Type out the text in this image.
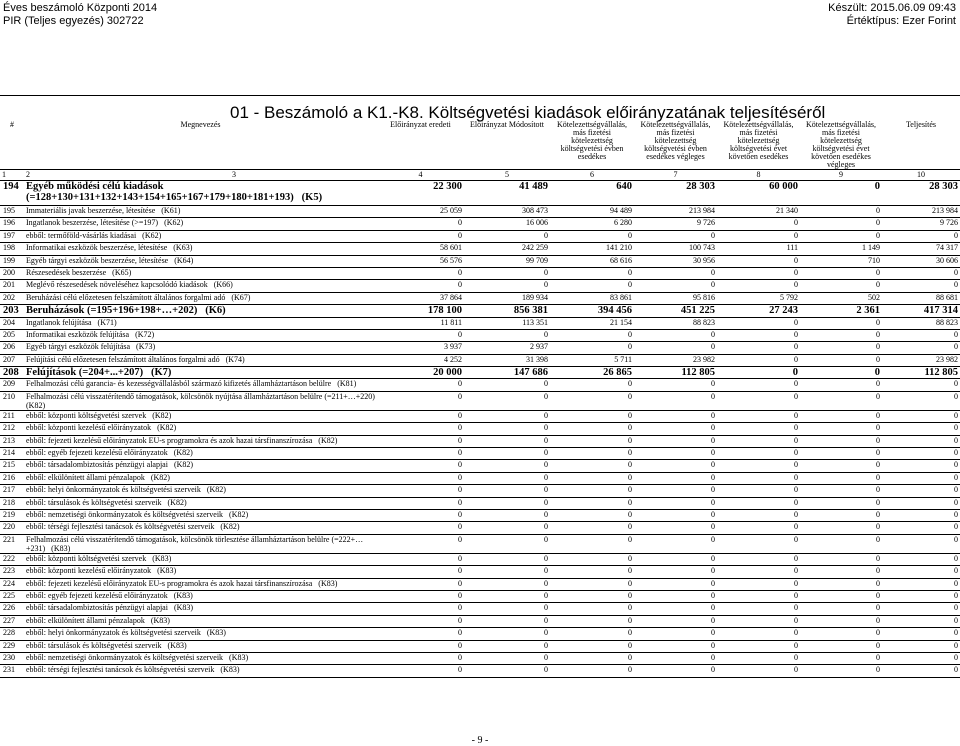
Éves beszámoló Központi 2014
PIR (Teljes egyezés) 302722
Készült: 2015.06.09 09:43
Értéktípus: Ezer Forint
01 - Beszámoló a K1.-K8. Költségvetési kiadások előirányzatának teljesítéséről
#	Megnevezés	Előirányzat eredeti	Előirányzat Módosított	Kötelezettségvállalás, más fizetési kötelezettség költségvetési évben esedékes	Kötelezettségvállalás, más fizetési kötelezettség költségvetési évben esedékes végleges	Kötelezettségvállalás, más fizetési kötelezettség költségvetési évet követően esedékes	Kötelezettségvállalás, más fizetési kötelezettség költségvetési évet követően esedékes végleges	Teljesítés
1	2 3	4	5	6	7	8	9	10
194	Egyéb működési célú kiadások (=128+130+131+132+143+154+165+167+179+180+181+193)   (K5)	22 300	41 489	640	28 303	60 000	0	28 303
195	Immateriális javak beszerzése, létesítése   (K61)	25 059	308 473	94 489	213 984	21 340	0	213 984
196	Ingatlanok beszerzése, létesítése (>=197)   (K62)	0	16 006	6 280	9 726	0	0	9 726
197	ebből: termőföld-vásárlás kiadásai   (K62)	0	0	0	0	0	0	0
198	Informatikai eszközök beszerzése, létesítése   (K63)	58 601	242 259	141 210	100 743	111	1 149	74 317
199	Egyéb tárgyi eszközök beszerzése, létesítése   (K64)	56 576	99 709	68 616	30 956	0	710	30 606
200	Részesedések beszerzése   (K65)	0	0	0	0	0	0	0
201	Meglévő részesedések növeléséhez kapcsolódó kiadások   (K66)	0	0	0	0	0	0	0
202	Beruházási célú előzetesen felszámított általános forgalmi adó   (K67)	37 864	189 934	83 861	95 816	5 792	502	88 681
203	Beruházások (=195+196+198+…+202)   (K6)	178 100	856 381	394 456	451 225	27 243	2 361	417 314
204	Ingatlanok felújítása   (K71)	11 811	113 351	21 154	88 823	0	0	88 823
205	Informatikai eszközök felújítása   (K72)	0	0	0	0	0	0	0
206	Egyéb tárgyi eszközök felújítása   (K73)	3 937	2 937	0	0	0	0	0
207	Felújítási célú előzetesen felszámított általános forgalmi adó   (K74)	4 252	31 398	5 711	23 982	0	0	23 982
208	Felújítások (=204+...+207)   (K7)	20 000	147 686	26 865	112 805	0	0	112 805
209	Felhalmozási célú garancia- és kezességvállalásból származó kifizetés államháztartáson belülre   (K81)	0	0	0	0	0	0	0
210	Felhalmozási célú visszatérítendő támogatások, kölcsönök nyújtása államháztartáson belülre (=211+…+220)   (K82)	0	0	0	0	0	0	0
211	ebből: központi költségvetési szervek   (K82)	0	0	0	0	0	0	0
212	ebből: központi kezelésű előirányzatok   (K82)	0	0	0	0	0	0	0
213	ebből: fejezeti kezelésű előirányzatok EU-s programokra és azok hazai társfinanszírozása   (K82)	0	0	0	0	0	0	0
214	ebből: egyéb fejezeti kezelésű előirányzatok   (K82)	0	0	0	0	0	0	0
215	ebből: társadalombiztosítás pénzügyi alapjai   (K82)	0	0	0	0	0	0	0
216	ebből: elkülönített állami pénzalapok   (K82)	0	0	0	0	0	0	0
217	ebből: helyi önkormányzatok és költségvetési szerveik   (K82)	0	0	0	0	0	0	0
218	ebből: társulások és költségvetési szerveik   (K82)	0	0	0	0	0	0	0
219	ebből: nemzetiségi önkormányzatok és költségvetési szerveik   (K82)	0	0	0	0	0	0	0
220	ebből: térségi fejlesztési tanácsok és költségvetési szerveik   (K82)	0	0	0	0	0	0	0
221	Felhalmozási célú visszatérítendő támogatások, kölcsönök törlesztése államháztartáson belülre (=222+…+231)   (K83)	0	0	0	0	0	0	0
222	ebből: központi költségvetési szervek   (K83)	0	0	0	0	0	0	0
223	ebből: központi kezelésű előirányzatok   (K83)	0	0	0	0	0	0	0
224	ebből: fejezeti kezelésű előirányzatok EU-s programokra és azok hazai társfinanszírozása   (K83)	0	0	0	0	0	0	0
225	ebből: egyéb fejezeti kezelésű előirányzatok   (K83)	0	0	0	0	0	0	0
226	ebből: társadalombiztosítás pénzügyi alapjai   (K83)	0	0	0	0	0	0	0
227	ebből: elkülönített állami pénzalapok   (K83)	0	0	0	0	0	0	0
228	ebből: helyi önkormányzatok és költségvetési szerveik   (K83)	0	0	0	0	0	0	0
229	ebből: társulások és költségvetési szerveik   (K83)	0	0	0	0	0	0	0
230	ebből: nemzetiségi önkormányzatok és költségvetési szerveik   (K83)	0	0	0	0	0	0	0
231	ebből: térségi fejlesztési tanácsok és költségvetési szerveik   (K83)	0	0	0	0	0	0	0
- 9 -
